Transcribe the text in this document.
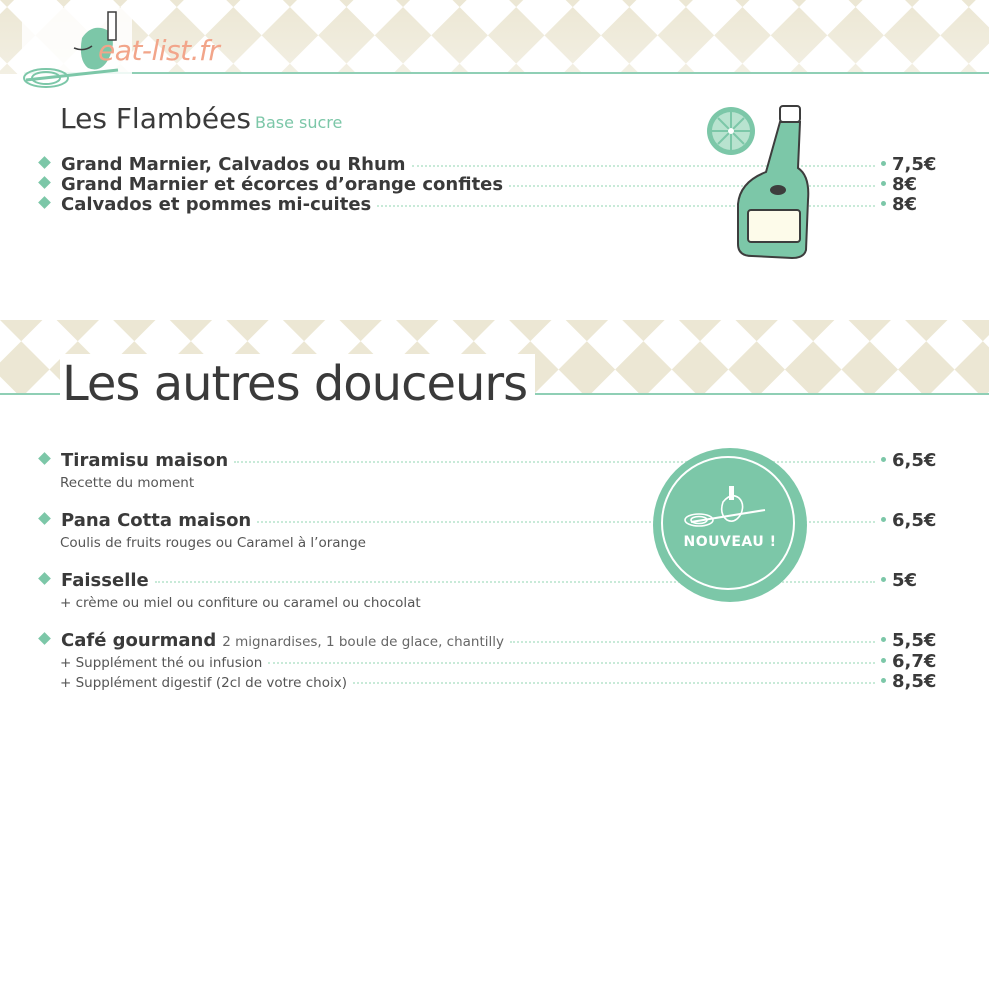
eat-list.fr
Les Flambées Base sucre
Grand Marnier, Calvados ou Rhum	7,5€
Grand Marnier et écorces d’orange confites	8€
Calvados et pommes mi-cuites	8€
Les autres douceurs
Tiramisu maison	6,5€
Recette du moment
Pana Cotta maison	6,5€
Coulis de fruits rouges ou Caramel à l’orange
Faisselle	5€
+ crème ou miel ou confiture ou caramel ou chocolat
Café gourmand 2 mignardises, 1 boule de glace, chantilly	5,5€
+ Supplément thé ou infusion	6,7€
+ Supplément digestif (2cl de votre choix)	8,5€
NOUVEAU !
